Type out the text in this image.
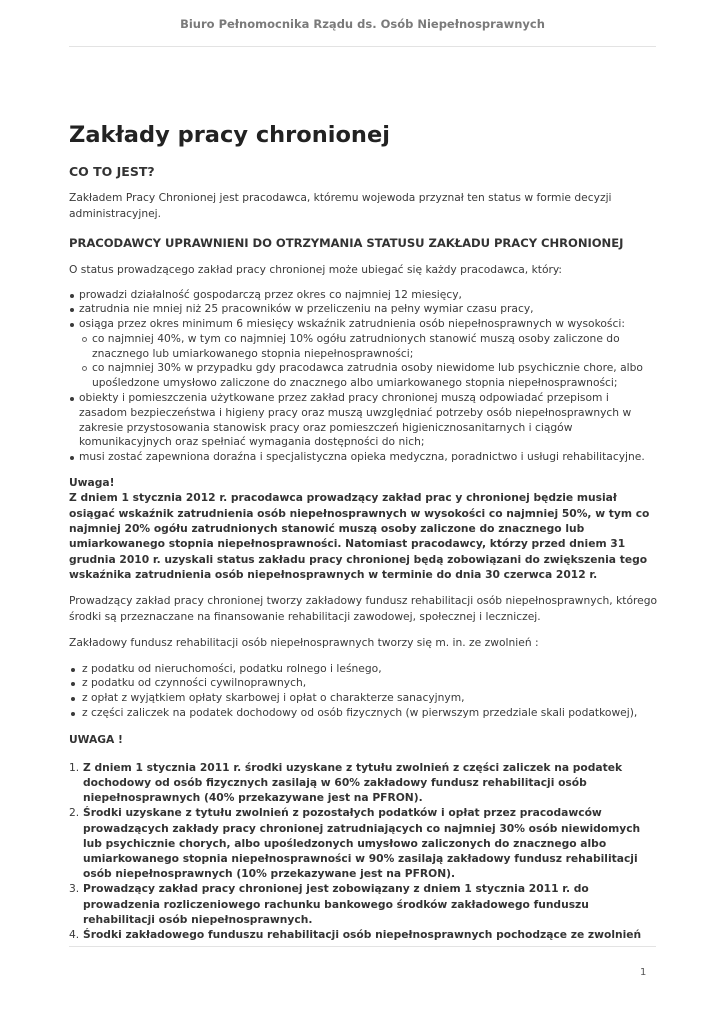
Biuro Pełnomocnika Rządu ds. Osób Niepełnosprawnych
Zakłady pracy chronionej
CO TO JEST?

Zakładem Pracy Chronionej jest pracodawca, któremu wojewoda przyznał ten status w formie decyzji administracyjnej.

PRACODAWCY UPRAWNIENI DO OTRZYMANIA STATUSU ZAKŁADU PRACY CHRONIONEJ

O status prowadzącego zakład pracy chronionej może ubiegać się każdy pracodawca, który:

prowadzi działalność gospodarczą przez okres co najmniej 12 miesięcy,
zatrudnia nie mniej niż 25 pracowników w przeliczeniu na pełny wymiar czasu pracy,
osiąga przez okres minimum 6 miesięcy wskaźnik zatrudnienia osób niepełnosprawnych w wysokości:
co najmniej 40%, w tym co najmniej 10% ogółu zatrudnionych stanowić muszą osoby zaliczone do znacznego lub umiarkowanego stopnia niepełnosprawności;
co najmniej 30% w przypadku gdy pracodawca zatrudnia osoby niewidome lub psychicznie chore, albo upośledzone umysłowo zaliczone do znacznego albo umiarkowanego stopnia niepełnosprawności;
obiekty i pomieszczenia użytkowane przez zakład pracy chronionej muszą odpowiadać przepisom i zasadom bezpieczeństwa i higieny pracy oraz muszą uwzględniać potrzeby osób niepełnosprawnych w zakresie przystosowania stanowisk pracy oraz pomieszczeń higienicznosanitarnych i ciągów komunikacyjnych oraz spełniać wymagania dostępności do nich;
musi zostać zapewniona doraźna i specjalistyczna opieka medyczna, poradnictwo i usługi rehabilitacyjne.
Uwaga!
Z dniem 1 stycznia 2012 r. pracodawca prowadzący zakład prac y chronionej będzie musiał osiągać wskaźnik zatrudnienia osób niepełnosprawnych w wysokości co najmniej 50%, w tym co najmniej 20% ogółu zatrudnionych stanowić muszą osoby zaliczone do znacznego lub umiarkowanego stopnia niepełnosprawności. Natomiast pracodawcy, którzy przed dniem 31 grudnia 2010 r. uzyskali status zakładu pracy chronionej będą zobowiązani do zwiększenia tego wskaźnika zatrudnienia osób niepełnosprawnych w terminie do dnia 30 czerwca 2012 r.

Prowadzący zakład pracy chronionej tworzy zakładowy fundusz rehabilitacji osób niepełnosprawnych, którego środki są przeznaczane na finansowanie rehabilitacji zawodowej, społecznej i leczniczej.

Zakładowy fundusz rehabilitacji osób niepełnosprawnych tworzy się m. in. ze zwolnień :

z podatku od nieruchomości, podatku rolnego i leśnego,
z podatku od czynności cywilnoprawnych,
z opłat z wyjątkiem opłaty skarbowej i opłat o charakterze sanacyjnym,
z części zaliczek na podatek dochodowy od osób fizycznych (w pierwszym przedziale skali podatkowej),
UWAGA !
1. Z dniem 1 stycznia 2011 r. środki uzyskane z tytułu zwolnień z części zaliczek na podatek dochodowy od osób fizycznych zasilają w 60% zakładowy fundusz rehabilitacji osób niepełnosprawnych (40% przekazywane jest na PFRON).
2. Środki uzyskane z tytułu zwolnień z pozostałych podatków i opłat przez pracodawców prowadzących zakłady pracy chronionej zatrudniających co najmniej 30% osób niewidomych lub psychicznie chorych, albo upośledzonych umysłowo zaliczonych do znacznego albo umiarkowanego stopnia niepełnosprawności w 90% zasilają zakładowy fundusz rehabilitacji osób niepełnosprawnych (10% przekazywane jest na PFRON).
3. Prowadzący zakład pracy chronionej jest zobowiązany z dniem 1 stycznia 2011 r. do prowadzenia rozliczeniowego rachunku bankowego środków zakładowego funduszu rehabilitacji osób niepełnosprawnych.
4. Środki zakładowego funduszu rehabilitacji osób niepełnosprawnych pochodzące ze zwolnień
1
